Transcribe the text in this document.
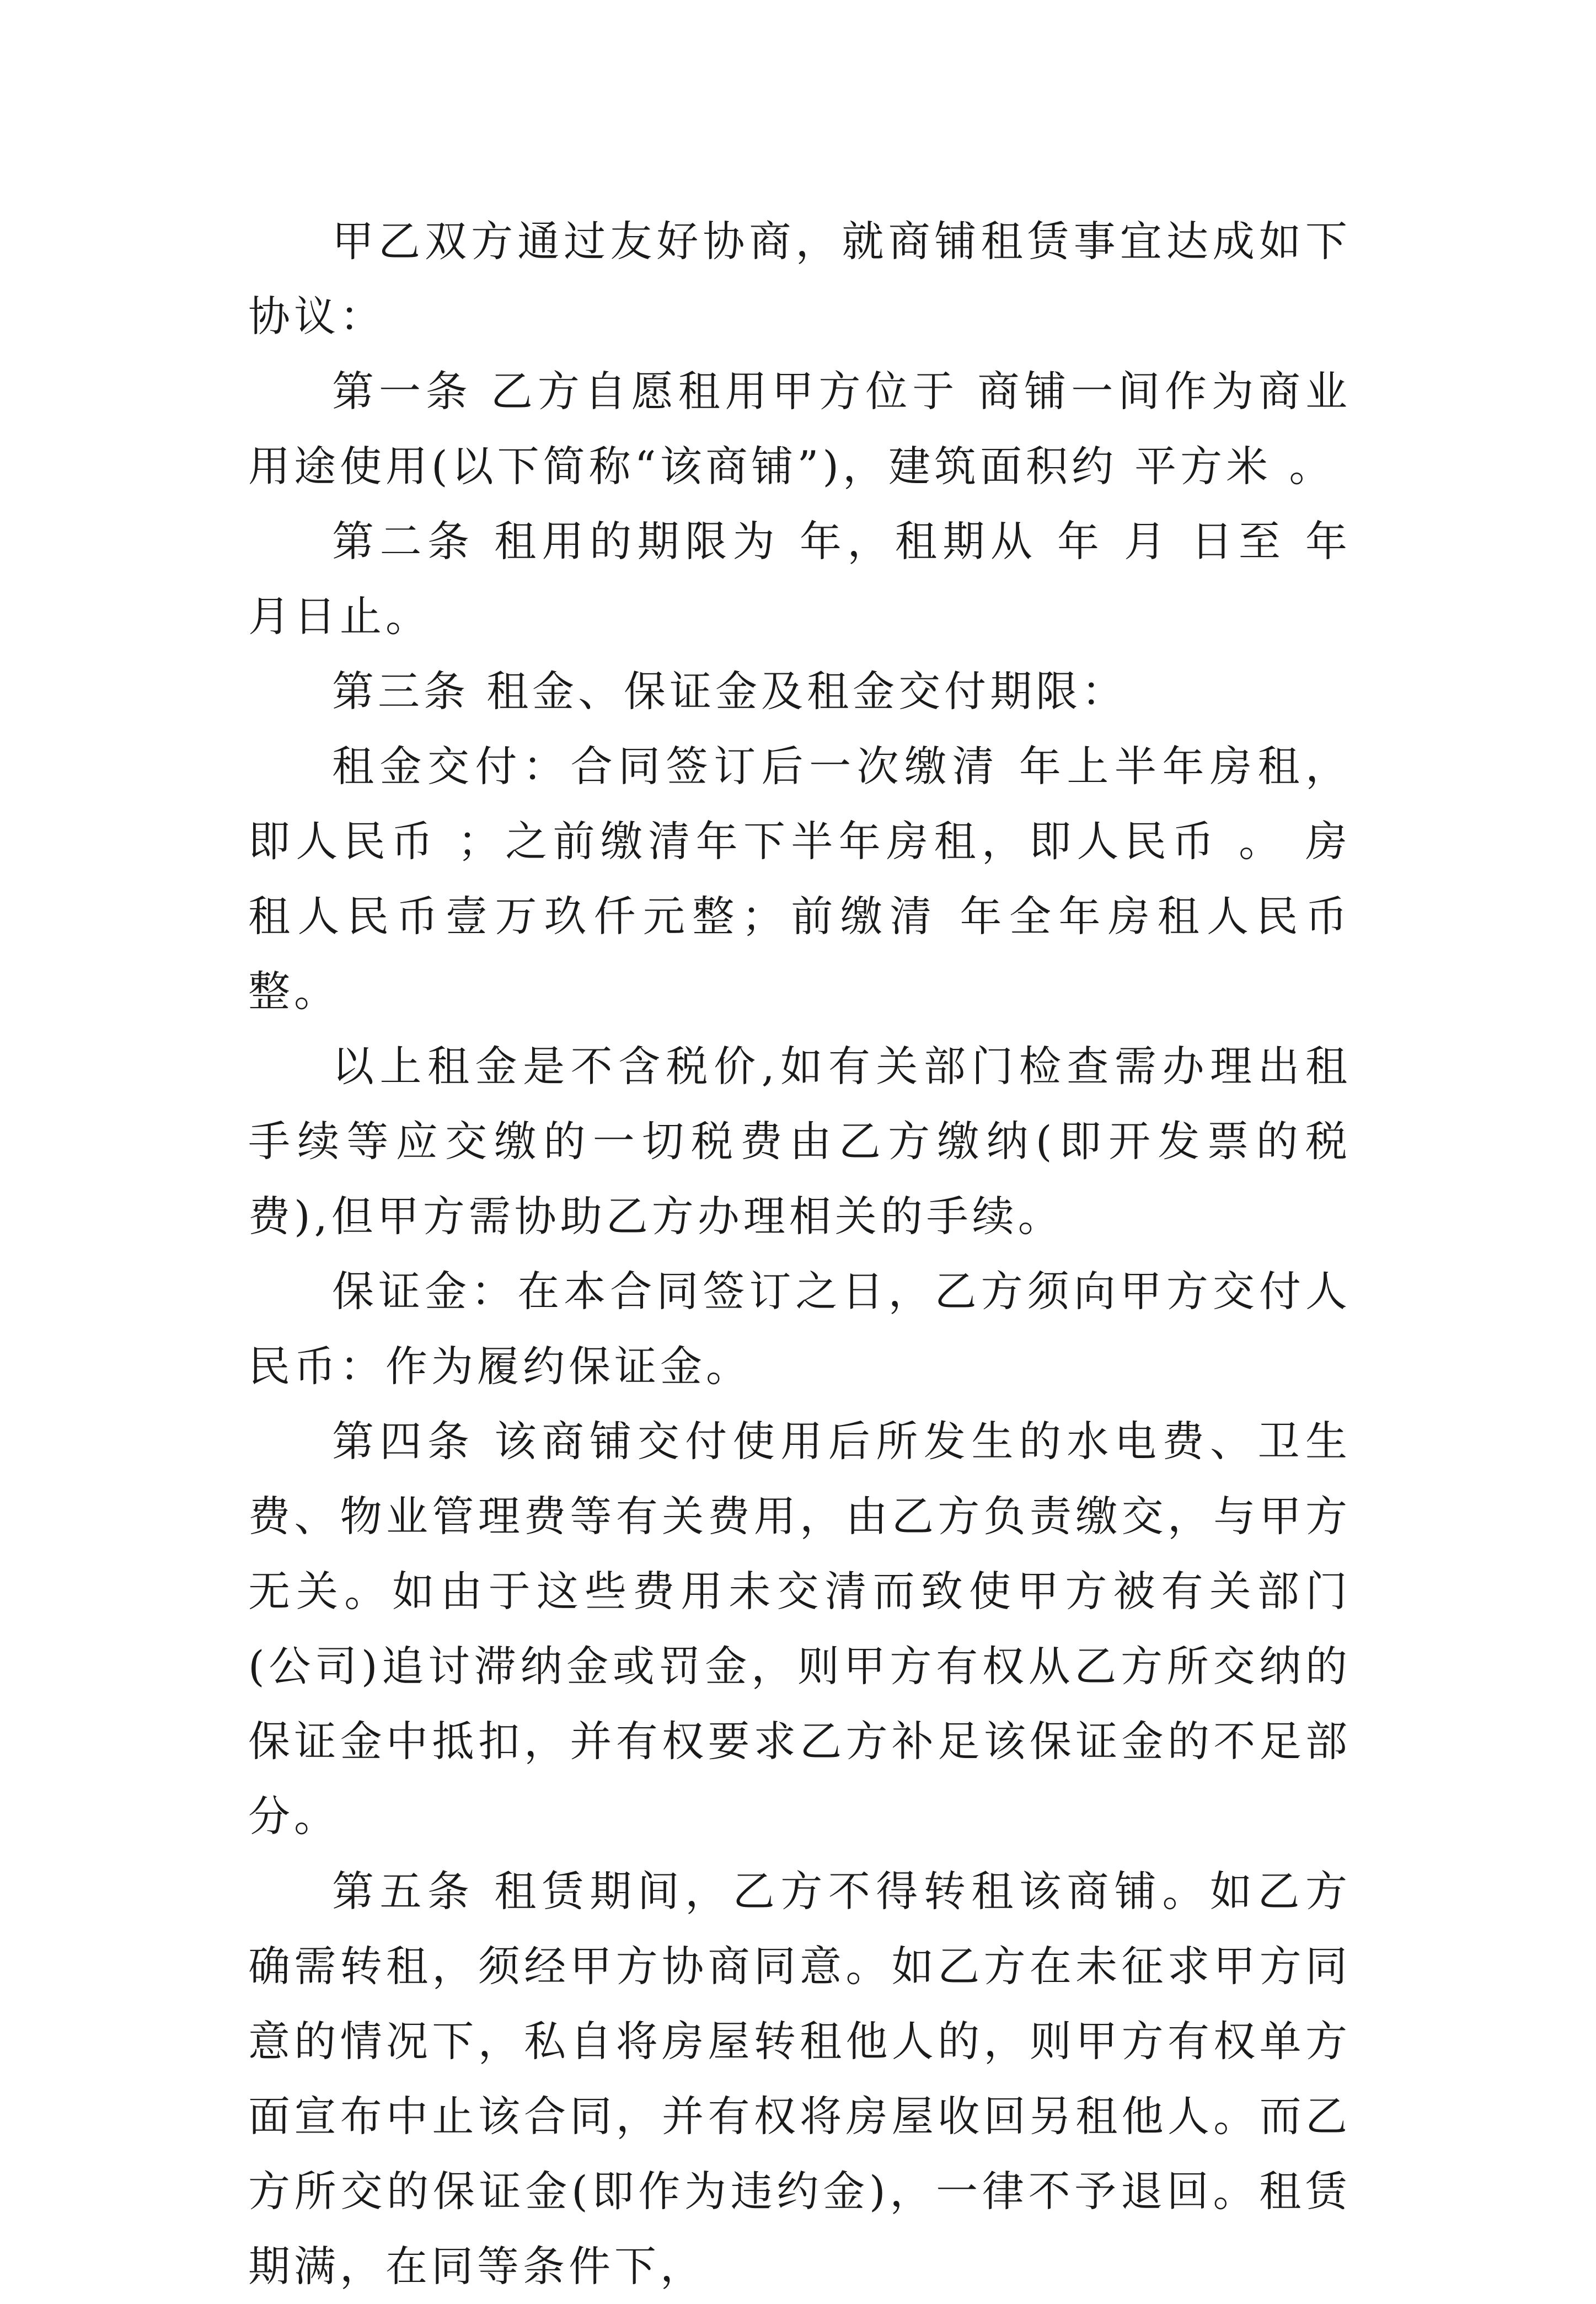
甲乙双方通过友好协商，就商铺租赁事宜达成如下协议：

第一条 乙方自愿租用甲方位于 商铺一间作为商业用途使用(以下简称“该商铺”)，建筑面积约 平方米 。

第二条 租用的期限为 年，租期从 年 月 日至 年 月日止。

第三条 租金、保证金及租金交付期限：

租金交付：合同签订后一次缴清 年上半年房租，即人民币 ；之前缴清年下半年房租，即人民币 。 房租人民币壹万玖仟元整；前缴清 年全年房租人民币 整。

以上租金是不含税价,如有关部门检查需办理出租手续等应交缴的一切税费由乙方缴纳(即开发票的税费),但甲方需协助乙方办理相关的手续。

保证金：在本合同签订之日，乙方须向甲方交付人民币：作为履约保证金。

第四条 该商铺交付使用后所发生的水电费、卫生费、物业管理费等有关费用，由乙方负责缴交，与甲方无关。如由于这些费用未交清而致使甲方被有关部门(公司)追讨滞纳金或罚金，则甲方有权从乙方所交纳的保证金中抵扣，并有权要求乙方补足该保证金的不足部分。

第五条 租赁期间，乙方不得转租该商铺。如乙方确需转租，须经甲方协商同意。如乙方在未征求甲方同意的情况下，私自将房屋转租他人的，则甲方有权单方面宣布中止该合同，并有权将房屋收回另租他人。而乙方所交的保证金(即作为违约金)，一律不予退回。租赁期满，在同等条件下，
